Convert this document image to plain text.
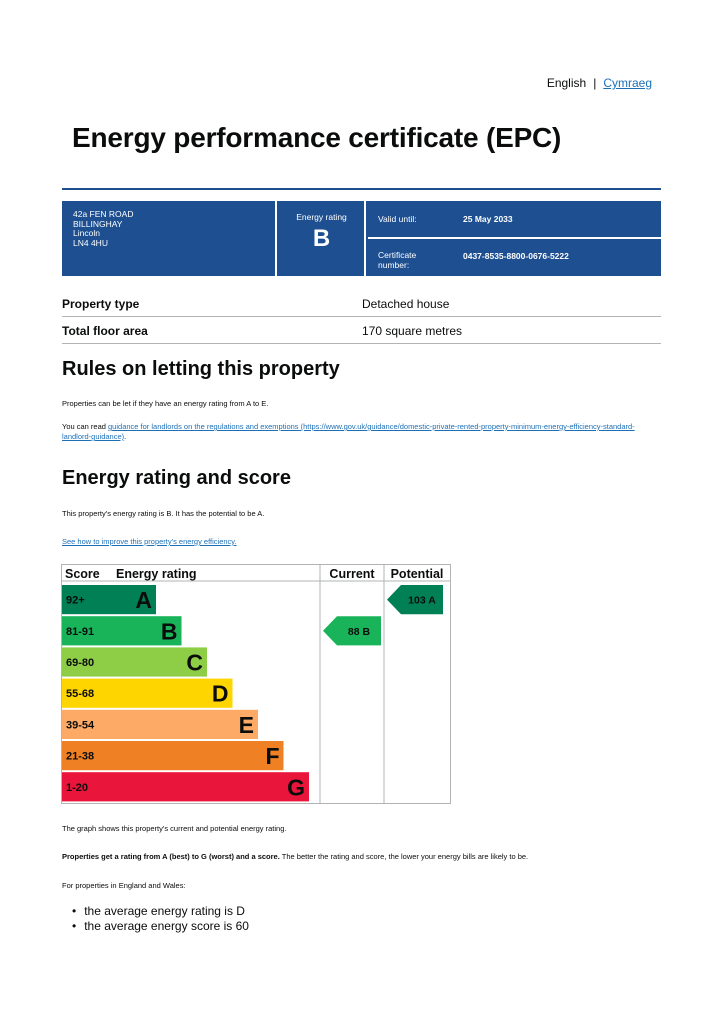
English | Cymraeg
Energy performance certificate (EPC)
42a FEN ROAD
BILLINGHAY
Lincoln
LN4 4HU
Energy rating
B
Valid until:	25 May 2033
Certificate
number:
0437-8535-8800-0676-5222
Property type	Detached house
Total floor area	170 square metres
Rules on letting this property
Properties can be let if they have an energy rating from A to E.
You can read guidance for landlords on the regulations and exemptions (https://www.gov.uk/guidance/domestic-private-rented-property-minimum-energy-efficiency-standard-landlord-guidance).
Energy rating and score
This property's energy rating is B. It has the potential to be A.
See how to improve this property's energy efficiency.
Score Energy rating	Current Potential
92+ A
81-91	B
69-80	C
55-68	D
39-54	E
21-38	F
1-20	G
88 B
103 A
The graph shows this property's current and potential energy rating.
Properties get a rating from A (best) to G (worst) and a score. The better the rating and score, the lower your energy bills are likely to be.
For properties in England and Wales:
• the average energy rating is D
• the average energy score is 60
